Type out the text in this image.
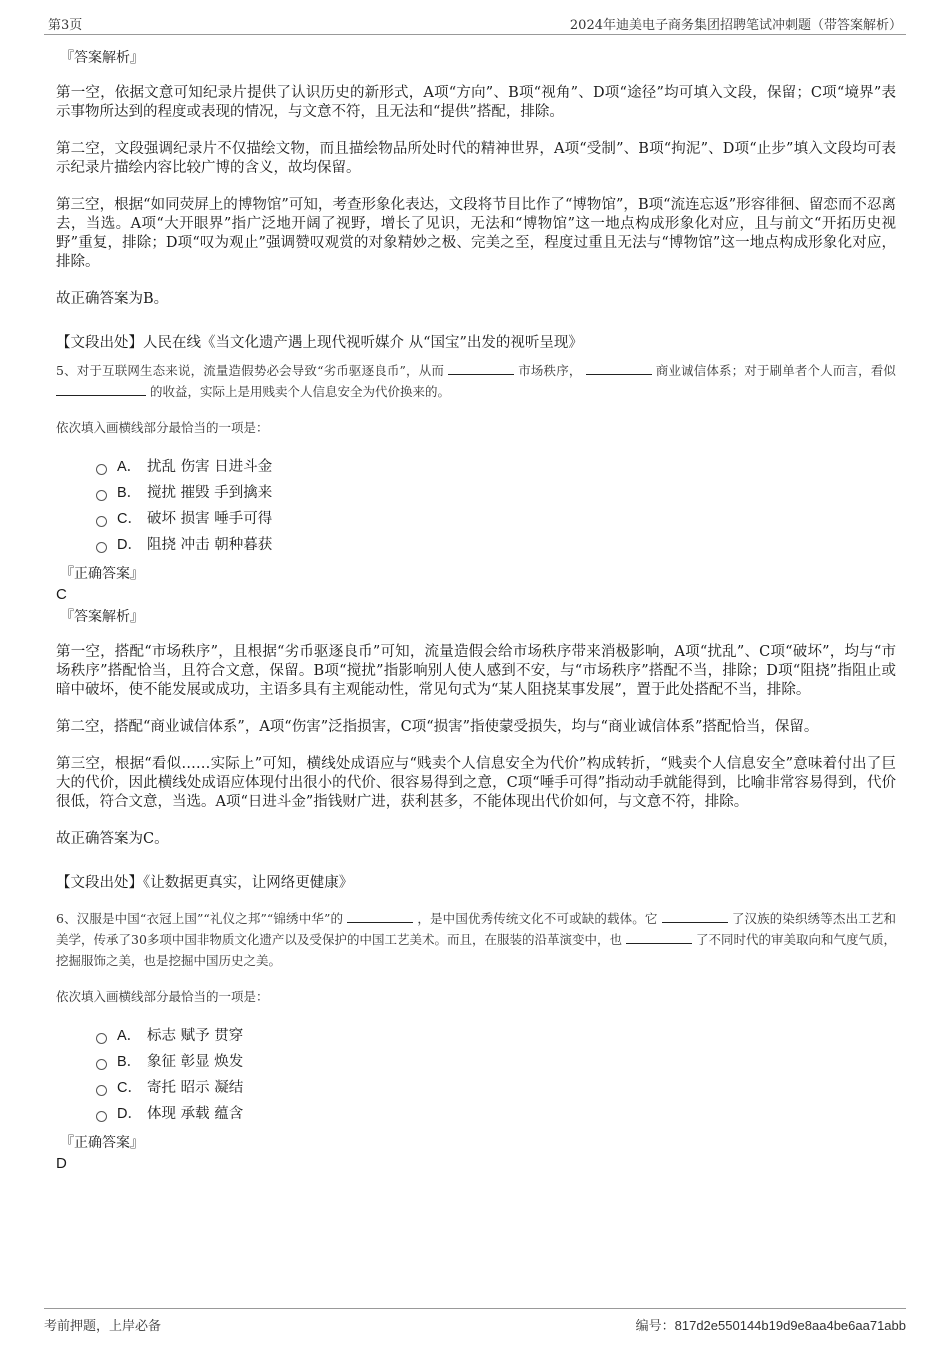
第3页	2024年迪美电子商务集团招聘笔试冲刺题（带答案解析）
『答案解析』

第一空，依据文意可知纪录片提供了认识历史的新形式，A项“方向”、B项“视角”、D项“途径”均可填入文段，保留；C项“境界”表示事物所达到的程度或表现的情况，与文意不符，且无法和“提供”搭配，排除。

第二空，文段强调纪录片不仅描绘文物，而且描绘物品所处时代的精神世界，A项“受制”、B项“拘泥”、D项“止步”填入文段均可表示纪录片描绘内容比较广博的含义，故均保留。

第三空，根据“如同荧屏上的博物馆”可知，考查形象化表达，文段将节目比作了“博物馆”，B项“流连忘返”形容徘徊、留恋而不忍离去，当选。A项“大开眼界”指广泛地开阔了视野，增长了见识，无法和“博物馆”这一地点构成形象化对应，且与前文“开拓历史视野”重复，排除；D项“叹为观止”强调赞叹观赏的对象精妙之极、完美之至，程度过重且无法与“博物馆”这一地点构成形象化对应，排除。

故正确答案为B。

【文段出处】人民在线《当文化遗产遇上现代视听媒介 从“国宝”出发的视听呈现》

5、对于互联网生态来说，流量造假势必会导致“劣币驱逐良币”，从而	市场秩序，	商业诚信体系；对于刷单者个人而言，看似  的收益，实际上是用贱卖个人信息安全为代价换来的。

依次填入画横线部分最恰当的一项是：

A． 扰乱 伤害 日进斗金
B． 搅扰 摧毁 手到擒来
C． 破坏 损害 唾手可得
D． 阻挠 冲击 朝种暮获
『正确答案』
C
『答案解析』

第一空，搭配“市场秩序”，且根据“劣币驱逐良币”可知，流量造假会给市场秩序带来消极影响，A项“扰乱”、C项“破坏”，均与“市场秩序”搭配恰当，且符合文意，保留。B项“搅扰”指影响别人使人感到不安，与“市场秩序”搭配不当，排除；D项“阻挠”指阻止或暗中破坏，使不能发展或成功，主语多具有主观能动性，常见句式为“某人阻挠某事发展”，置于此处搭配不当，排除。

第二空，搭配“商业诚信体系”，A项“伤害”泛指损害，C项“损害”指使蒙受损失，均与“商业诚信体系”搭配恰当，保留。

第三空，根据“看似……实际上”可知，横线处成语应与“贱卖个人信息安全为代价”构成转折，“贱卖个人信息安全”意味着付出了巨大的代价，因此横线处成语应体现付出很小的代价、很容易得到之意，C项“唾手可得”指动动手就能得到，比喻非常容易得到，代价很低，符合文意，当选。A项“日进斗金”指钱财广进，获利甚多，不能体现出代价如何，与文意不符，排除。

故正确答案为C。

【文段出处】《让数据更真实，让网络更健康》

6、汉服是中国“衣冠上国”“礼仪之邦”“锦绣中华”的	，是中国优秀传统文化不可或缺的载体。它	了汉族的染织绣等杰出工艺和美学，传承了30多项中国非物质文化遗产以及受保护的中国工艺美术。而且，在服装的沿革演变中，也	了不同时代的审美取向和气度气质，挖掘服饰之美，也是挖掘中国历史之美。

依次填入画横线部分最恰当的一项是：

A． 标志 赋予 贯穿
B． 象征 彰显 焕发
C． 寄托 昭示 凝结
D． 体现 承载 蕴含
『正确答案』
D
考前押题，上岸必备	编号：817d2e550144b19d9e8aa4be6aa71abb
